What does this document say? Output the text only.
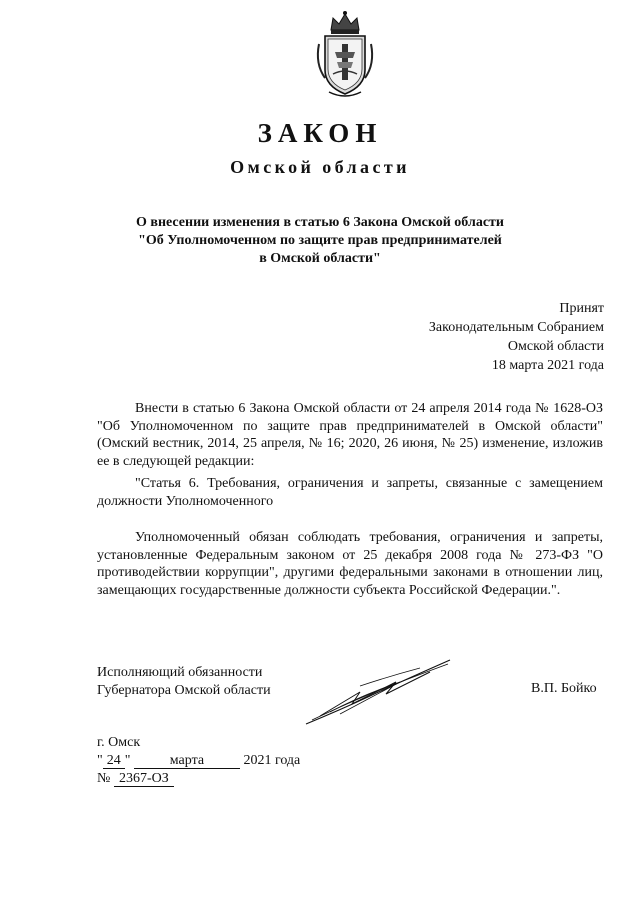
ЗАКОН
Омской области
О внесении изменения в статью 6 Закона Омской области
"Об Уполномоченном по защите прав предпринимателей
в Омской области"
Принят
Законодательным Собранием
Омской области
18 марта 2021 года
Внести в статью 6 Закона Омской области от 24 апреля 2014 года № 1628-ОЗ "Об Уполномоченном по защите прав предпринимателей в Омской области" (Омский вестник, 2014, 25 апреля, № 16; 2020, 26 июня, № 25) изменение, изложив ее в следующей редакции:
"Статья 6. Требования, ограничения и запреты, связанные с замещением должности Уполномоченного
Уполномоченный обязан соблюдать требования, ограничения и запреты, установленные Федеральным законом от 25 декабря 2008 года № 273-ФЗ "О противодействии коррупции", другими федеральными законами в отношении лиц, замещающих государственные должности субъекта Российской Федерации.".
Исполняющий обязанности
Губернатора Омской области	В.П. Бойко
г. Омск
" 24 "	марта	2021 года
№ 2367-ОЗ
